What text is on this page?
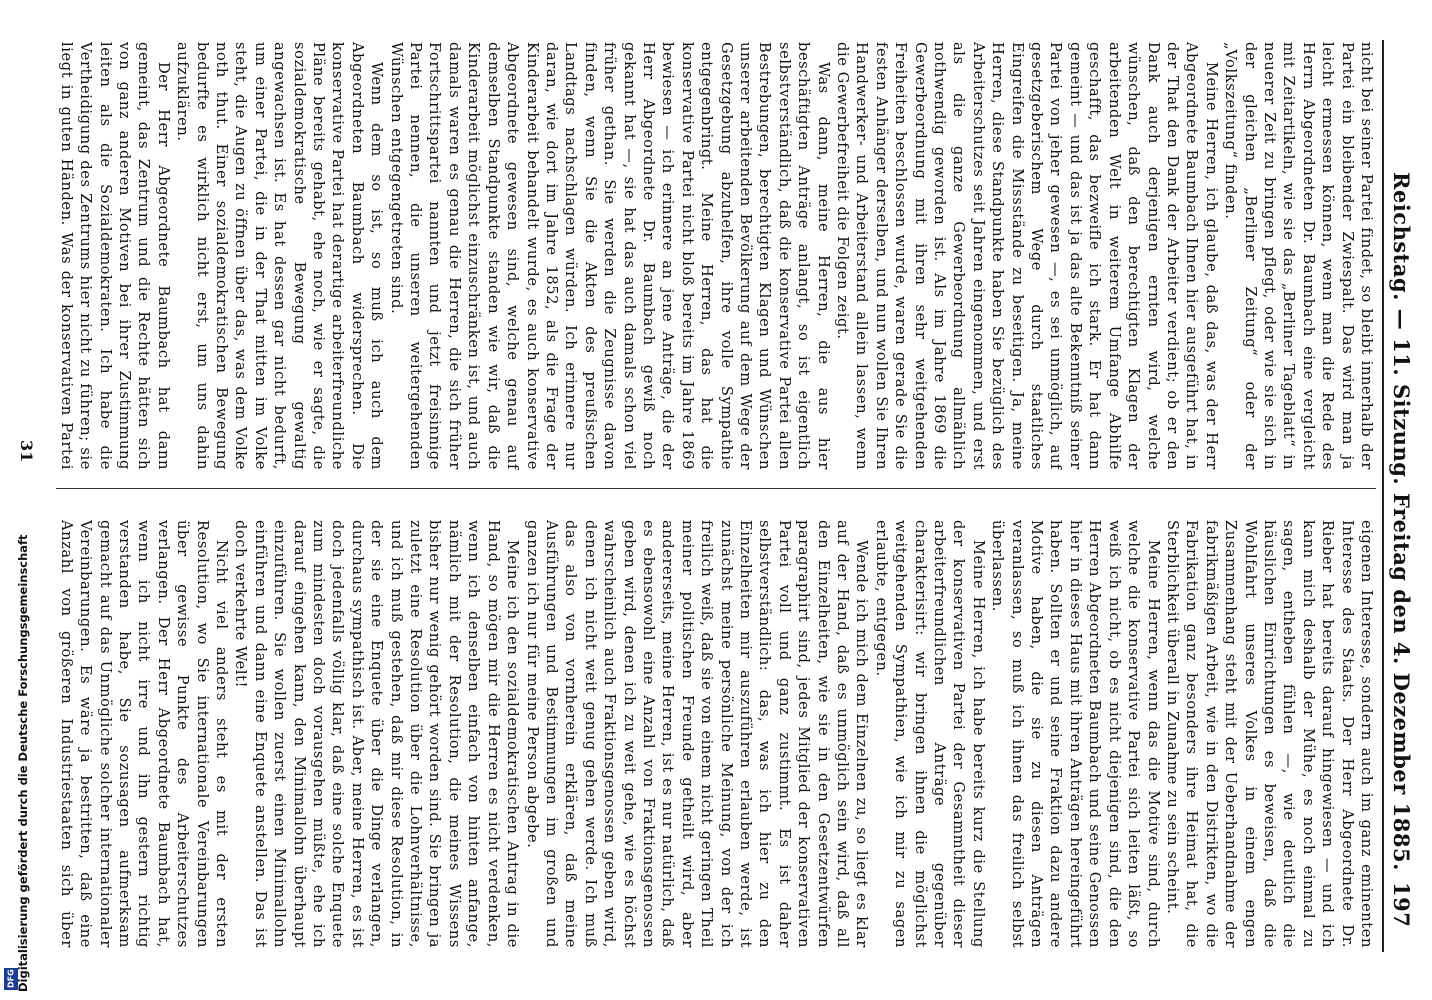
Reichstag. — 11. Sitzung. Freitag den 4. Dezember 1885.
197

nicht bei seiner Partei findet, so bleibt innerhalb der Partei ein bleibender Zwiespalt. Das wird man ja leicht ermessen können, wenn man die Rede des Herrn Abgeordneten Dr. Baumbach eine vergleicht mit Zeitartikeln, wie sie das „Berliner Tageblatt“ in neuerer Zeit zu bringen pflegt, oder wie sie sich in der gleichen „Berliner Zeitung“ oder der „Volkszeitung“ finden.

Meine Herren, ich glaube, daß das, was der Herr Abgeordnete Baumbach Ihnen hier ausgeführt hat, in der That den Dank der Arbeiter verdient; ob er den Dank auch derjenigen ernten wird, welche wünschen, daß den berechtigten Klagen der arbeitenden Welt in weiterem Umfange Abhilfe geschafft, das bezweifle ich stark. Er hat dann gemeint — und das ist ja das alte Bekenntniß seiner Partei von jeher gewesen —, es sei unmöglich, auf gesetzgeberischem Wege durch staatliches Eingreifen die Missstände zu beseitigen. Ja, meine Herren, diese Standpunkte haben Sie bezüglich des Arbeiterschutzes seit Jahren eingenommen, und erst als die ganze Gewerbeordnung allmählich nothwendig geworden ist. Als im Jahre 1869 die Gewerbeordnung mit ihren sehr weitgehenden Freiheiten beschlossen wurde, waren gerade Sie die festen Anhänger derselben, und nun wollen Sie Ihren Handwerker- und Arbeiterstand allein lassen, wenn die Gewerbefreiheit die Folgen zeigt.

Was dann, meine Herren, die aus hier beschäftigten Anträge anlangt, so ist eigentlich selbstverständlich, daß die konservative Partei allen Bestrebungen, berechtigten Klagen und Wünschen unserer arbeitenden Bevölkerung auf dem Wege der Gesetzgebung abzuhelfen, ihre volle Sympathie entgegenbringt. Meine Herren, das hat die konservative Partei nicht bloß bereits im Jahre 1869 bewiesen — ich erinnere an jene Anträge, die der Herr Abgeordnete Dr. Baumbach gewiß noch gekannt hat —, sie hat das auch damals schon viel früher gethan. Sie werden die Zeugnisse davon finden, wenn Sie die Akten des preußischen Landtags nachschlagen würden. Ich erinnere nur daran, wie dort im Jahre 1852, als die Frage der Kinderarbeit behandelt wurde, es auch konservative Abgeordnete gewesen sind, welche genau auf demselben Standpunkte standen wie wir, daß die Kinderarbeit möglichst einzuschränken ist, und auch damals waren es genau die Herren, die sich früher Fortschrittspartei nannten und jetzt freisinnige Partei nennen, die unseren weitergehenden Wünschen entgegengetreten sind.

Wenn dem so ist, so muß ich auch dem Abgeordneten Baumbach widersprechen. Die konservative Partei hat derartige arbeiterfreundliche Pläne bereits gehabt, ehe noch, wie er sagte, die sozialdemokratische Bewegung gewaltig angewachsen ist. Es hat dessen gar nicht bedurft, um einer Partei, die in der That mitten im Volke steht, die Augen zu öffnen über das, was dem Volke noth thut. Einer sozialdemokratischen Bewegung bedurfte es wirklich nicht erst, um uns dahin aufzuklären.

Der Herr Abgeordnete Baumbach hat dann gemeint, das Zentrum und die Rechte hätten sich von ganz anderen Motiven bei ihrer Zustimmung leiten als die Sozialdemokraten. Ich habe die Vertheidigung des Zentrums hier nicht zu führen; sie liegt in guten Händen. Was der konservativen Partei

eigenen Interesse, sondern auch im ganz eminenten Interesse des Staats. Der Herr Abgeordnete Dr. Rieber hat bereits darauf hingewiesen — und ich kann mich deshalb der Mühe, es noch einmal zu sagen, entheben fühlen —, wie deutlich die häuslichen Einrichtungen es beweisen, daß die Wohlfahrt unseres Volkes in einem engen Zusammenhang steht mit der Ueberhandnahme der fabrikmäßigen Arbeit, wie in den Distrikten, wo die Fabrikation ganz besonders ihre Heimat hat, die Sterblichkeit überall in Zunahme zu sein scheint.

Meine Herren, wenn das die Motive sind, durch welche die konservative Partei sich leiten läßt, so weiß ich nicht, ob es nicht diejenigen sind, die den Herren Abgeordneten Baumbach und seine Genossen hier in dieses Haus mit ihren Anträgen hereingeführt haben. Sollten er und seine Fraktion dazu andere Motive haben, die sie zu diesen Anträgen veranlassen, so muß ich ihnen das freilich selbst überlassen.

Meine Herren, ich habe bereits kurz die Stellung der konservativen Partei der Gesammtheit dieser arbeiterfreundlichen Anträge gegenüber charakterisirt: wir bringen ihnen die möglichst weitgehenden Sympathien, wie ich mir zu sagen erlaubte, entgegen.

Wende ich mich dem Einzelnen zu, so liegt es klar auf der Hand, daß es unmöglich sein wird, daß all den Einzelheiten, wie sie in den Gesetzentwürfen paragraphirt sind, jedes Mitglied der konservativen Partei voll und ganz zustimmt. Es ist daher selbstverständlich: das, was ich hier zu den Einzelheiten mir auszuführen erlauben werde, ist zunächst meine persönliche Meinung, von der ich freilich weiß, daß sie von einem nicht geringen Theil meiner politischen Freunde getheilt wird, aber andererseits, meine Herren, ist es nur natürlich, daß es ebensowohl eine Anzahl von Fraktionsgenossen geben wird, denen ich zu weit gehe, wie es höchst wahrscheinlich auch Fraktionsgenossen geben wird, denen ich nicht weit genug gehen werde. Ich muß das also von vornherein erklären, daß meine Ausführungen und Bestimmungen im großen und ganzen ich nur für meine Person abgebe.

Meine ich den sozialdemokratischen Antrag in die Hand, so mögen mir die Herren es nicht verdenken, wenn ich denselben einfach von hinten anfange, nämlich mit der Resolution, die meines Wissens bisher nur wenig gehört worden sind. Sie bringen ja zuletzt eine Resolution über die Lohnverhältnisse, und ich muß gestehen, daß mir diese Resolution, in der sie eine Enquete über die Dinge verlangen, durchaus sympathisch ist. Aber, meine Herren, es ist doch jedenfalls völlig klar, daß eine solche Enquete zum mindesten doch vorausgehen müßte, ehe ich darauf eingehen kann, den Minimallohn überhaupt einzuführen. Sie wollen zuerst einen Minimallohn einführen und dann eine Enquete anstellen. Das ist doch verkehrte Welt!

Nicht viel anders steht es mit der ersten Resolution, wo Sie internationale Vereinbarungen über gewisse Punkte des Arbeiterschutzes verlangen. Der Herr Abgeordnete Baumbach hat, wenn ich nicht irre und ihn gestern richtig verstanden habe, Sie sozusagen aufmerksam gemacht auf das Unmögliche solcher internationaler Vereinbarungen. Es wäre ja bestritten, daß eine Anzahl von größeren Industriestaaten sich über

31
DFG Digitalisierung gefördert durch die Deutsche Forschungsgemeinschaft
